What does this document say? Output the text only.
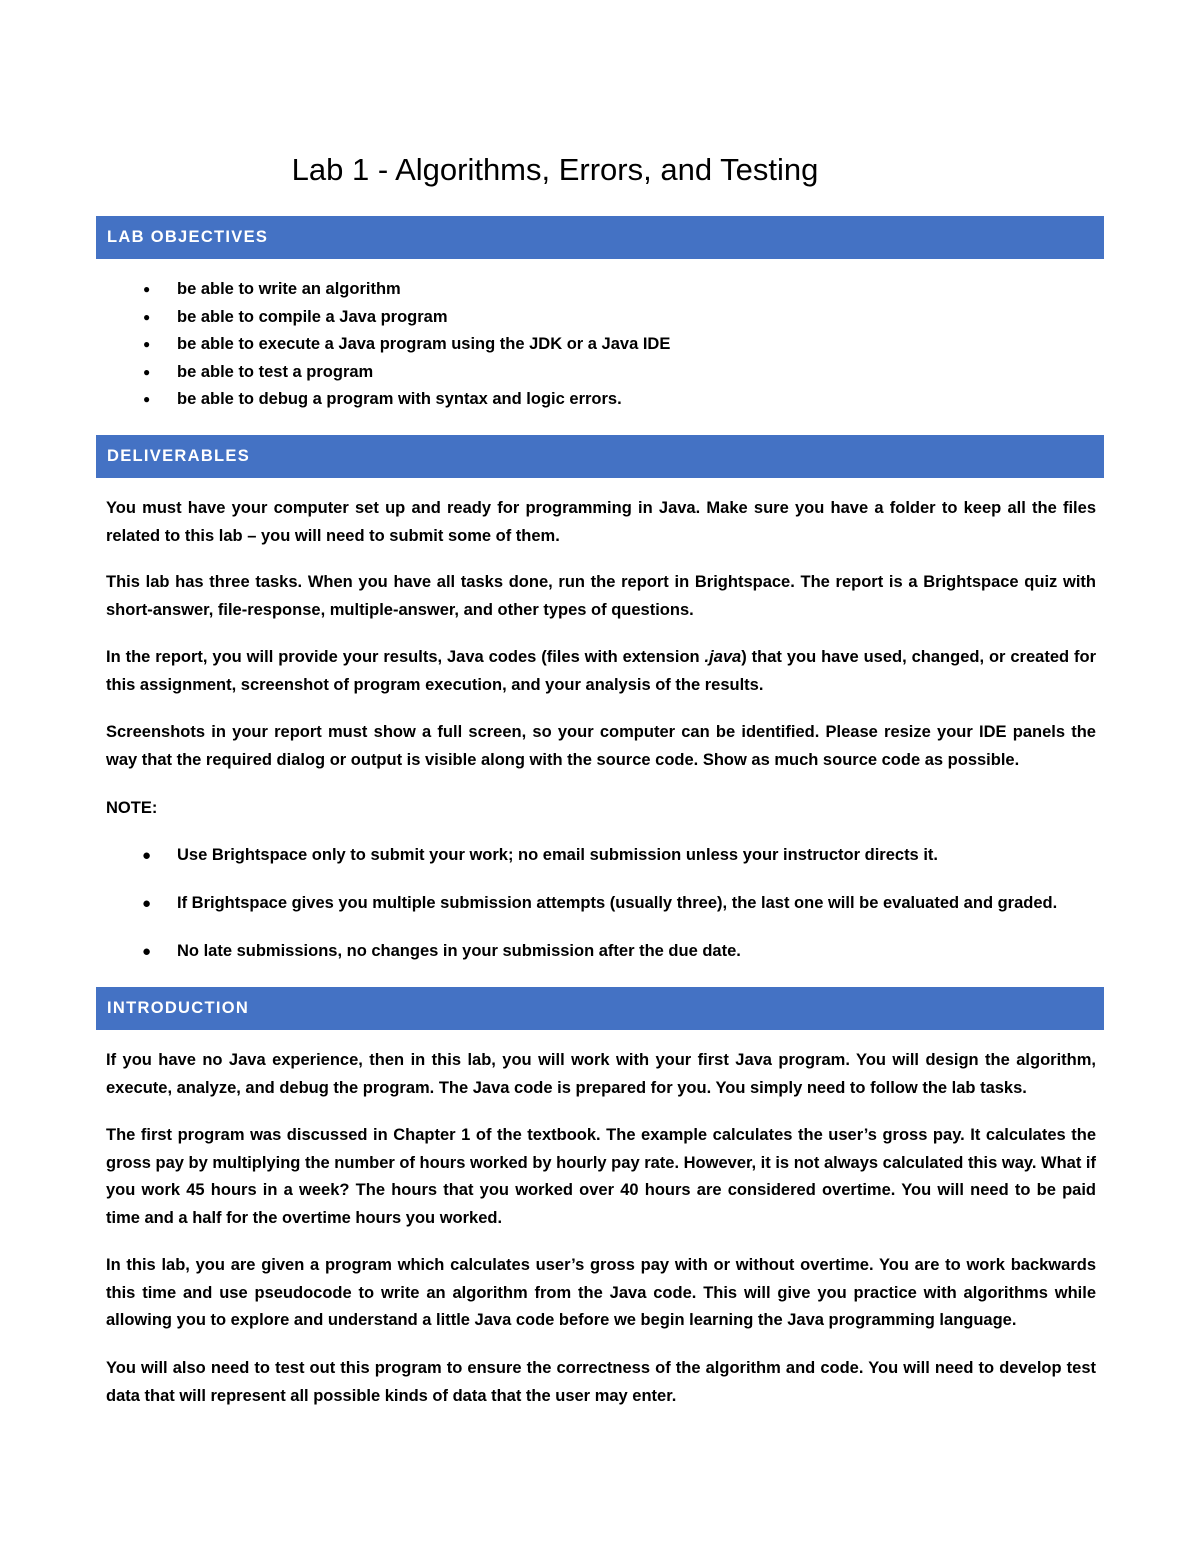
Lab 1 - Algorithms, Errors, and Testing
LAB OBJECTIVES
● be able to write an algorithm
● be able to compile a Java program
● be able to execute a Java program using the JDK or a Java IDE
● be able to test a program
● be able to debug a program with syntax and logic errors.
DELIVERABLES

You must have your computer set up and ready for programming in Java. Make sure you have a folder to keep all the files related to this lab – you will need to submit some of them.

This lab has three tasks. When you have all tasks done, run the report in Brightspace. The report is a Brightspace quiz with short-answer, file-response, multiple-answer, and other types of questions.

In the report, you will provide your results, Java codes (files with extension .java) that you have used, changed, or created for this assignment, screenshot of program execution, and your analysis of the results.

Screenshots in your report must show a full screen, so your computer can be identified. Please resize your IDE panels the way that the required dialog or output is visible along with the source code. Show as much source code as possible.

NOTE:

● Use Brightspace only to submit your work; no email submission unless your instructor directs it.
● If Brightspace gives you multiple submission attempts (usually three), the last one will be evaluated and graded.
● No late submissions, no changes in your submission after the due date.
INTRODUCTION

If you have no Java experience, then in this lab, you will work with your first Java program. You will design the algorithm, execute, analyze, and debug the program. The Java code is prepared for you. You simply need to follow the lab tasks.

The first program was discussed in Chapter 1 of the textbook. The example calculates the user’s gross pay. It calculates the gross pay by multiplying the number of hours worked by hourly pay rate. However, it is not always calculated this way. What if you work 45 hours in a week? The hours that you worked over 40 hours are considered overtime. You will need to be paid time and a half for the overtime hours you worked.

In this lab, you are given a program which calculates user’s gross pay with or without overtime. You are to work backwards this time and use pseudocode to write an algorithm from the Java code. This will give you practice with algorithms while allowing you to explore and understand a little Java code before we begin learning the Java programming language.

You will also need to test out this program to ensure the correctness of the algorithm and code. You will need to develop test data that will represent all possible kinds of data that the user may enter.
